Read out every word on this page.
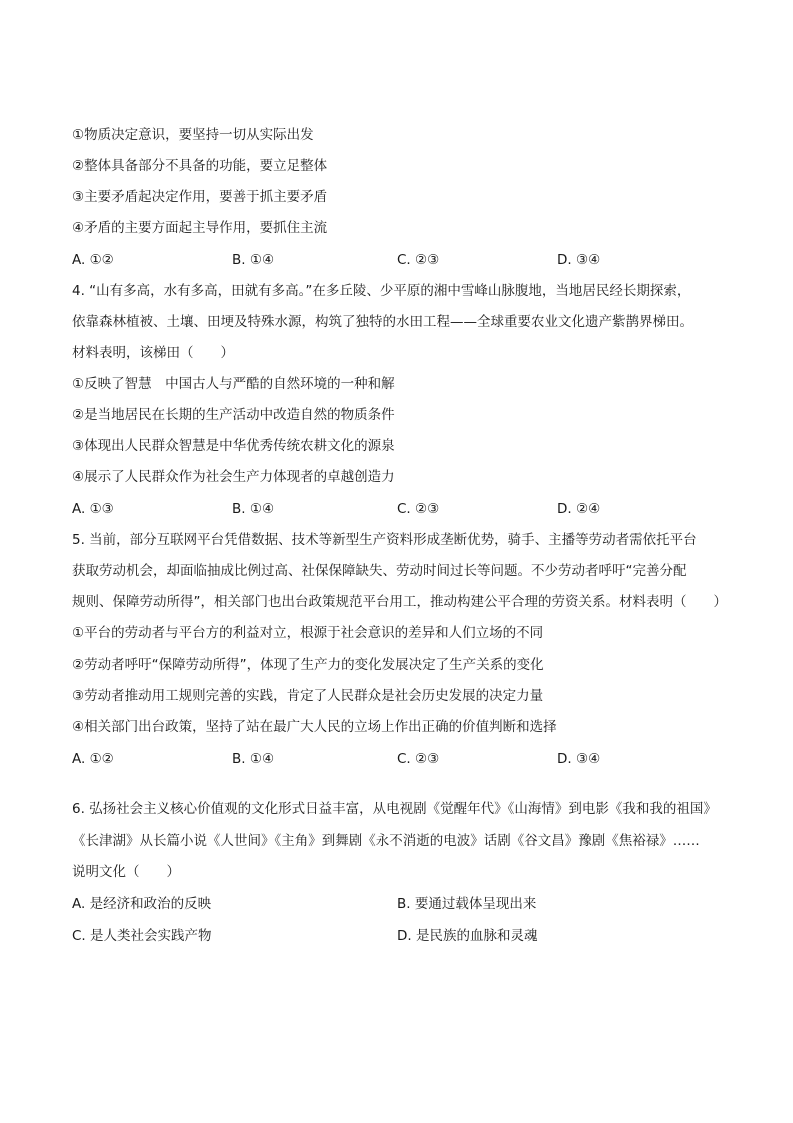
①物质决定意识，要坚持一切从实际出发
②整体具备部分不具备的功能，要立足整体
③主要矛盾起决定作用，要善于抓主要矛盾
④矛盾的主要方面起主导作用，要抓住主流
A. ①②	B. ①④	C. ②③	D. ③④
4. “山有多高，水有多高，田就有多高。”在多丘陵、少平原的湘中雪峰山脉腹地，当地居民经长期探索，
依靠森林植被、土壤、田埂及特殊水源，构筑了独特的水田工程——全球重要农业文化遗产紫鹊界梯田。
材料表明，该梯田（　　）
①反映了智慧　中国古人与严酷的自然环境的一种和解
②是当地居民在长期的生产活动中改造自然的物质条件
③体现出人民群众智慧是中华优秀传统农耕文化的源泉
④展示了人民群众作为社会生产力体现者的卓越创造力
A. ①③	B. ①④	C. ②③	D. ②④
5. 当前，部分互联网平台凭借数据、技术等新型生产资料形成垄断优势，骑手、主播等劳动者需依托平台
获取劳动机会，却面临抽成比例过高、社保保障缺失、劳动时间过长等问题。不少劳动者呼吁“完善分配
规则、保障劳动所得”，相关部门也出台政策规范平台用工，推动构建公平合理的劳资关系。材料表明（　　）
①平台的劳动者与平台方的利益对立，根源于社会意识的差异和人们立场的不同
②劳动者呼吁“保障劳动所得”，体现了生产力的变化发展决定了生产关系的变化
③劳动者推动用工规则完善的实践，肯定了人民群众是社会历史发展的决定力量
④相关部门出台政策，坚持了站在最广大人民的立场上作出正确的价值判断和选择
A. ①②	B. ①④	C. ②③	D. ③④
6. 弘扬社会主义核心价值观的文化形式日益丰富，从电视剧《觉醒年代》《山海情》到电影《我和我的祖国》
《长津湖》从长篇小说《人世间》《主角》到舞剧《永不消逝的电波》话剧《谷文昌》豫剧《焦裕禄》……
说明文化（　　）
A. 是经济和政治的反映	B. 要通过载体呈现出来
C. 是人类社会实践产物	D. 是民族的血脉和灵魂
